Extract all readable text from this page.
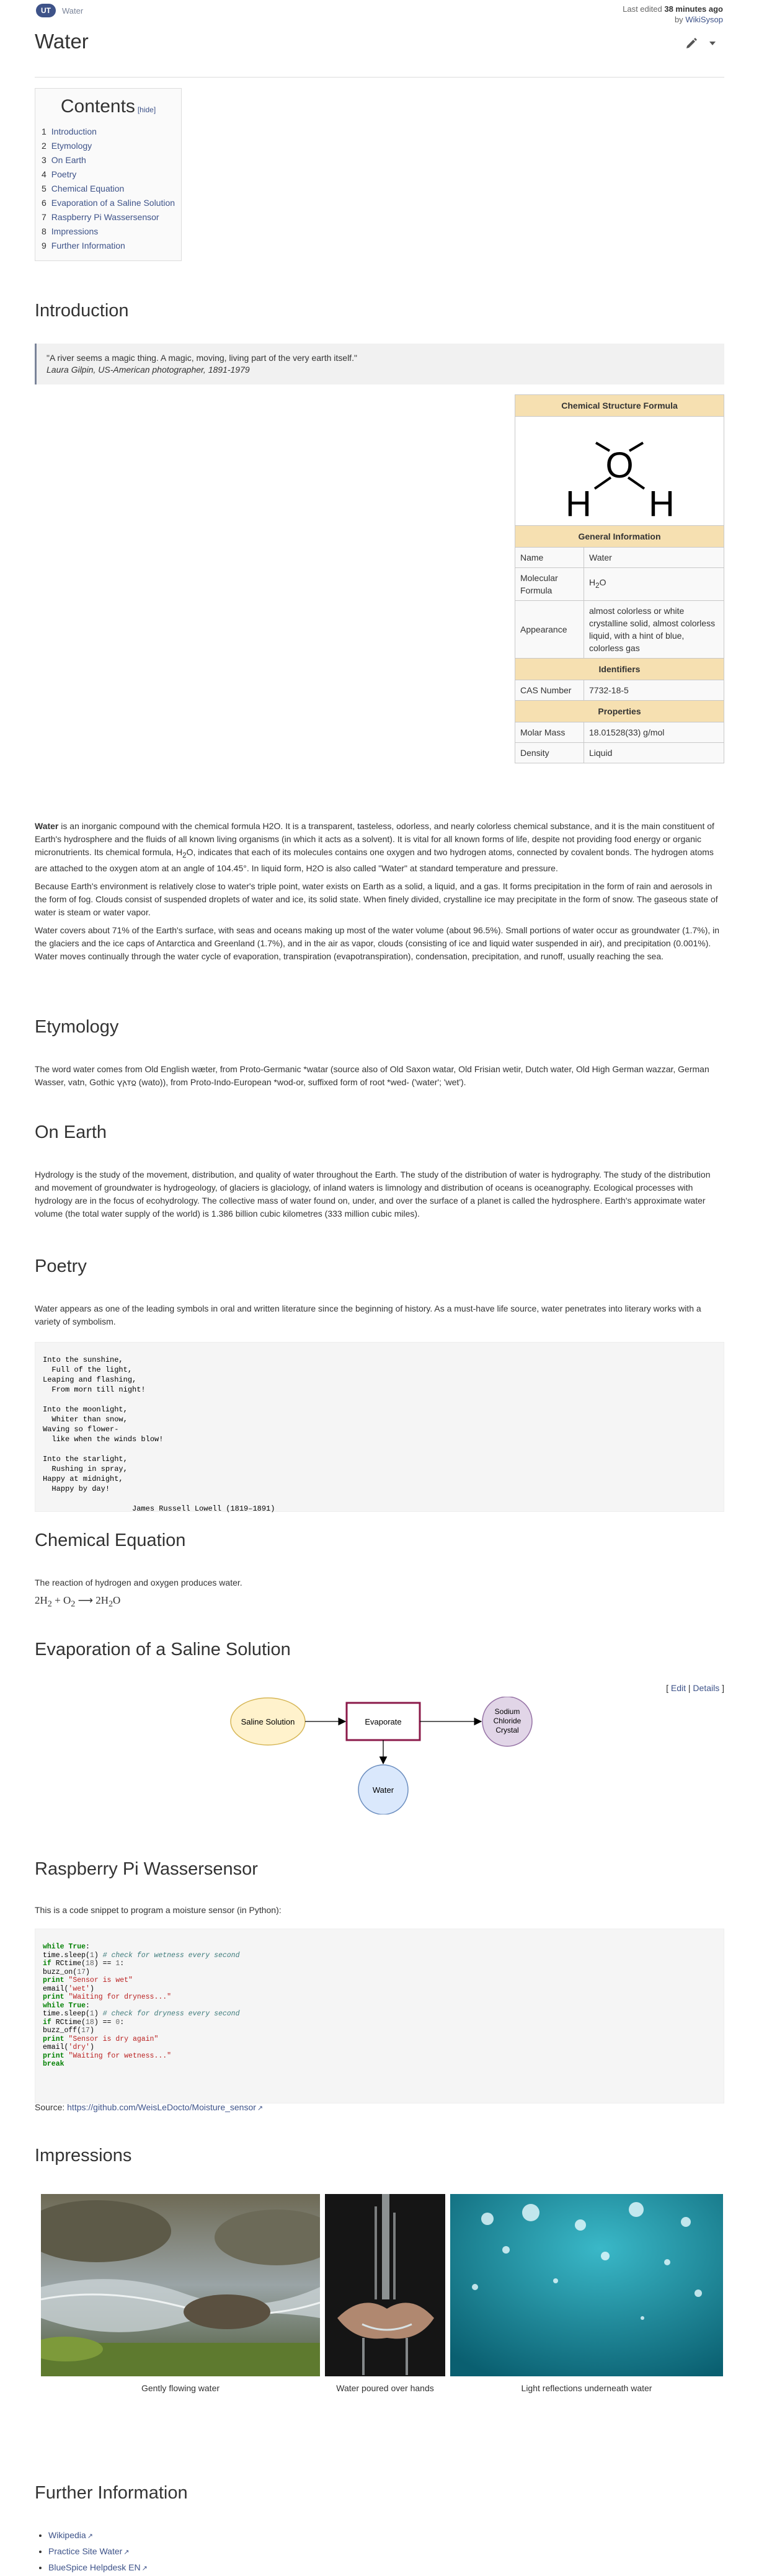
UT	Water	Last edited 38 minutes ago
by WikiSysop
Water
Contents [hide]
1 Introduction
2 Etymology
3 On Earth
4 Poetry
5 Chemical Equation
6 Evaporation of a Saline Solution
7 Raspberry Pi Wassersensor
8 Impressions
9 Further Information
Introduction
"A river seems a magic thing. A magic, moving, living part of the very earth itself."
Laura Gilpin, US-American photographer, 1891-1979
Chemical Structure Formula	

O
H H	

General Information	
Name	Water
Molecular Formula	$H_2O$
Appearance	almost colorless or white crystalline solid, almost colorless liquid, with a hint of blue, colorless gas
Identifiers	
CAS Number	7732-18-5
Properties	
Molar Mass	18.01528(33) g/mol
Density	Liquid

Water is an inorganic compound with the chemical formula H2O. It is a transparent, tasteless, odorless, and nearly colorless chemical substance, and it is the main constituent of Earth's hydrosphere and the fluids of all known living organisms (in which it acts as a solvent). It is vital for all known forms of life, despite not providing food energy or organic micronutrients. Its chemical formula, $H_2O$, indicates that each of its molecules contains one oxygen and two hydrogen atoms, connected by covalent bonds. The hydrogen atoms are attached to the oxygen atom at an angle of 104.45°. In liquid form, H2O is also called "Water" at standard temperature and pressure.

Because Earth's environment is relatively close to water's triple point, water exists on Earth as a solid, a liquid, and a gas. It forms precipitation in the form of rain and aerosols in the form of fog. Clouds consist of suspended droplets of water and ice, its solid state. When finely divided, crystalline ice may precipitate in the form of snow. The gaseous state of water is steam or water vapor.

Water covers about 71% of the Earth's surface, with seas and oceans making up most of the water volume (about 96.5%). Small portions of water occur as groundwater (1.7%), in the glaciers and the ice caps of Antarctica and Greenland (1.7%), and in the air as vapor, clouds (consisting of ice and liquid water suspended in air), and precipitation (0.001%). Water moves continually through the water cycle of evaporation, transpiration (evapotranspiration), condensation, precipitation, and runoff, usually reaching the sea.

Etymology

The word water comes from Old English wæter, from Proto-Germanic *watar (source also of Old Saxon watar, Old Frisian wetir, Dutch water, Old High German wazzar, German Wasser, vatn, Gothic 𐍅𐌰𐍄𐍉 (wato)), from Proto-Indo-European *wod-or, suffixed form of root *wed- ('water'; 'wet').

On Earth

Hydrology is the study of the movement, distribution, and quality of water throughout the Earth. The study of the distribution of water is hydrography. The study of the distribution and movement of groundwater is hydrogeology, of glaciers is glaciology, of inland waters is limnology and distribution of oceans is oceanography. Ecological processes with hydrology are in the focus of ecohydrology. The collective mass of water found on, under, and over the surface of a planet is called the hydrosphere. Earth's approximate water volume (the total water supply of the world) is 1.386 billion cubic kilometres (333 million cubic miles).

Poetry

Water appears as one of the leading symbols in oral and written literature since the beginning of history. As a must-have life source, water penetrates into literary works with a variety of symbolism.

Into the sunshine,
Full of the light,
Leaping and flashing,
From morn till night!

Into the moonlight,
Whiter than snow,
Waving so flower-
like when the winds blow!

Into the starlight,
Rushing in spray,
Happy at midnight,
Happy by day!

James Russell Lowell (1819–1891)
Chemical Equation

The reaction of hydrogen and oxygen produces water.

$2H_2 + O_2$ ⟶ $2H_2O$
Evaporation of a Saline Solution
[ Edit | Details ]
Saline Solution	Evaporate
Sodium
Chloride
Crystal
Water
Raspberry Pi Wassersensor

This is a code snippet to program a moisture sensor (in Python):

while True:
time.sleep(1) # check for wetness every second
if RCtime(18) == 1:
buzz_on(17)
print "Sensor is wet"
email('wet')
print "Waiting for dryness..."
while True:
time.sleep(1) # check for dryness every second
if RCtime(18) == 0:
buzz_off(17)
print "Sensor is dry again"
email('dry')
print "Waiting for wetness..."
break

Source: https://github.com/WeisLeDocto/Moisture_sensor ↗

Impressions
Gently flowing water	Water poured over hands	Light reflections underneath water
Further Information
• Wikipedia ↗
• Practice Site Water ↗
• BlueSpice Helpdesk EN ↗
